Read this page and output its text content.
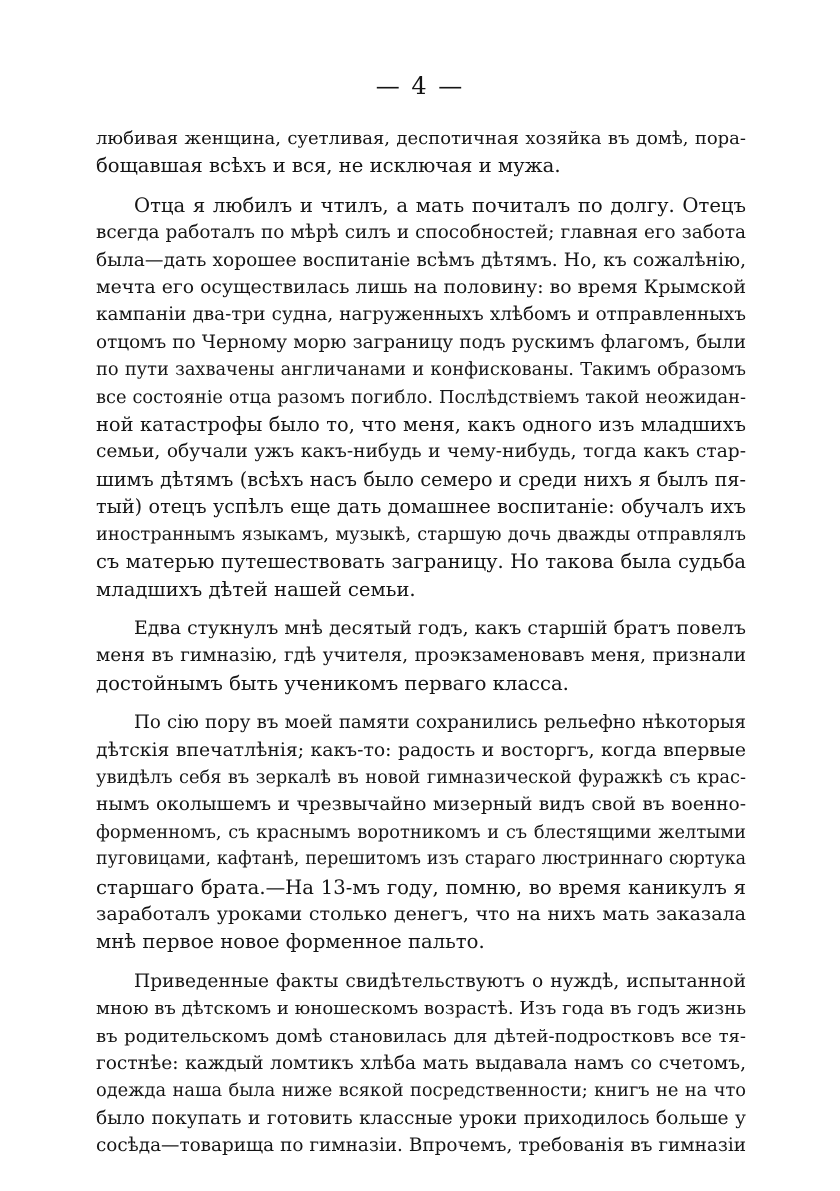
— 4 —
любивая женщина, суетливая, деспотичная хозяйка въ домѣ, пора-
бощавшая всѣхъ и вся, не исключая и мужа.
Отца я любилъ и чтилъ, а мать почиталъ по долгу. Отецъ
всегда работалъ по мѣрѣ силъ и способностей; главная его забота
была—дать хорошее воспитаніе всѣмъ дѣтямъ. Но, къ сожалѣнію,
мечта его осуществилась лишь на половину: во время Крымской
кампаніи два-три судна, нагруженныхъ хлѣбомъ и отправленныхъ
отцомъ по Черному морю заграницу подъ рускимъ флагомъ, были
по пути захвачены англичанами и конфискованы. Такимъ образомъ
все состояніе отца разомъ погибло. Послѣдствіемъ такой неожидан-
ной катастрофы было то, что меня, какъ одного изъ младшихъ
семьи, обучали ужъ какъ-нибудь и чему-нибудь, тогда какъ стар-
шимъ дѣтямъ (всѣхъ насъ было семеро и среди нихъ я былъ пя-
тый) отецъ успѣлъ еще дать домашнее воспитаніе: обучалъ ихъ
иностраннымъ языкамъ, музыкѣ, старшую дочь дважды отправлялъ
съ матерью путешествовать заграницу. Но такова была судьба
младшихъ дѣтей нашей семьи.
Едва стукнулъ мнѣ десятый годъ, какъ старшій братъ повелъ
меня въ гимназію, гдѣ учителя, проэкзаменовавъ меня, признали
достойнымъ быть ученикомъ перваго класса.
По сію пору въ моей памяти сохранились рельефно нѣкоторыя
дѣтскія впечатлѣнія; какъ-то: радость и восторгъ, когда впервые
увидѣлъ себя въ зеркалѣ въ новой гимназической фуражкѣ съ крас-
нымъ околышемъ и чрезвычайно мизерный видъ свой въ военно-
форменномъ, съ краснымъ воротникомъ и съ блестящими желтыми
пуговицами, кафтанѣ, перешитомъ изъ стараго люстриннаго сюртука
старшаго брата.—На 13-мъ году, помню, во время каникулъ я
заработалъ уроками столько денегъ, что на нихъ мать заказала
мнѣ первое новое форменное пальто.
Приведенные факты свидѣтельствуютъ о нуждѣ, испытанной
мною въ дѣтскомъ и юношескомъ возрастѣ. Изъ года въ годъ жизнь
въ родительскомъ домѣ становилась для дѣтей-подростковъ все тя-
гостнѣе: каждый ломтикъ хлѣба мать выдавала намъ со счетомъ,
одежда наша была ниже всякой посредственности; книгъ не на что
было покупать и готовить классные уроки приходилось больше у
сосѣда—товарища по гимназіи. Впрочемъ, требованія въ гимназіи
